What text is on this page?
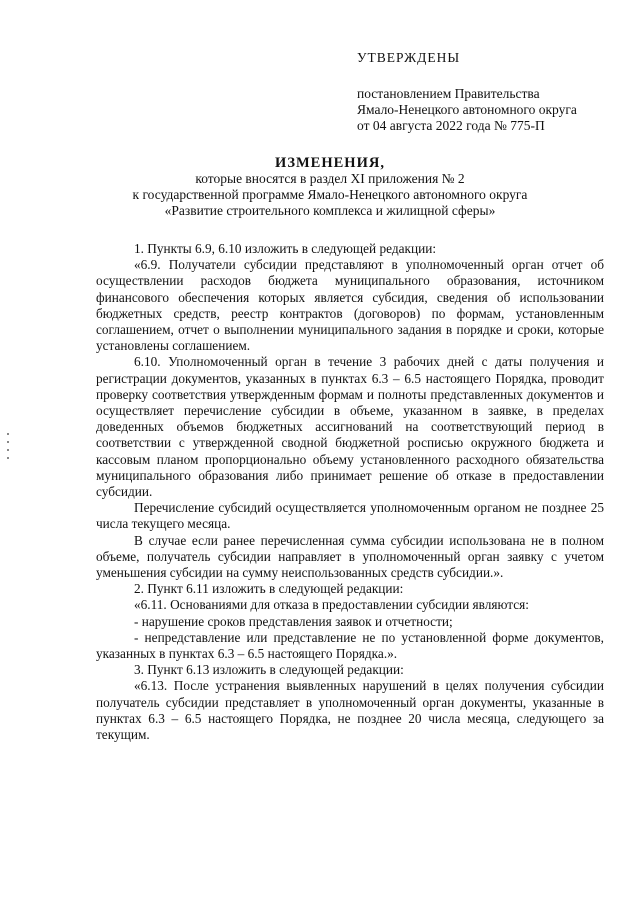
УТВЕРЖДЕНЫ
постановлением Правительства
Ямало-Ненецкого автономного округа
от 04 августа 2022 года № 775-П
ИЗМЕНЕНИЯ,
которые вносятся в раздел XI приложения № 2
к государственной программе Ямало-Ненецкого автономного округа
«Развитие строительного комплекса и жилищной сферы»

1. Пункты 6.9, 6.10 изложить в следующей редакции:

«6.9. Получатели субсидии представляют в уполномоченный орган отчет об осуществлении расходов бюджета муниципального образования, источником финансового обеспечения которых является субсидия, сведения об использовании бюджетных средств, реестр контрактов (договоров) по формам, установленным соглашением, отчет о выполнении муниципального задания в порядке и сроки, которые установлены соглашением.

6.10. Уполномоченный орган в течение 3 рабочих дней с даты получения и регистрации документов, указанных в пунктах 6.3 – 6.5 настоящего Порядка, проводит проверку соответствия утвержденным формам и полноты представленных документов и осуществляет перечисление субсидии в объеме, указанном в заявке, в пределах доведенных объемов бюджетных ассигнований на соответствующий период в соответствии с утвержденной сводной бюджетной росписью окружного бюджета и кассовым планом пропорционально объему установленного расходного обязательства муниципального образования либо принимает решение об отказе в предоставлении субсидии.

Перечисление субсидий осуществляется уполномоченным органом не позднее 25 числа текущего месяца.

В случае если ранее перечисленная сумма субсидии использована не в полном объеме, получатель субсидии направляет в уполномоченный орган заявку с учетом уменьшения субсидии на сумму неиспользованных средств субсидии.».

2. Пункт 6.11 изложить в следующей редакции:

«6.11. Основаниями для отказа в предоставлении субсидии являются:

- нарушение сроков представления заявок и отчетности;

- непредставление или представление не по установленной форме документов, указанных в пунктах 6.3 – 6.5 настоящего Порядка.».

3. Пункт 6.13 изложить в следующей редакции:

«6.13. После устранения выявленных нарушений в целях получения субсидии получатель субсидии представляет в уполномоченный орган документы, указанные в пунктах 6.3 – 6.5 настоящего Порядка, не позднее 20 числа месяца, следующего за текущим.
